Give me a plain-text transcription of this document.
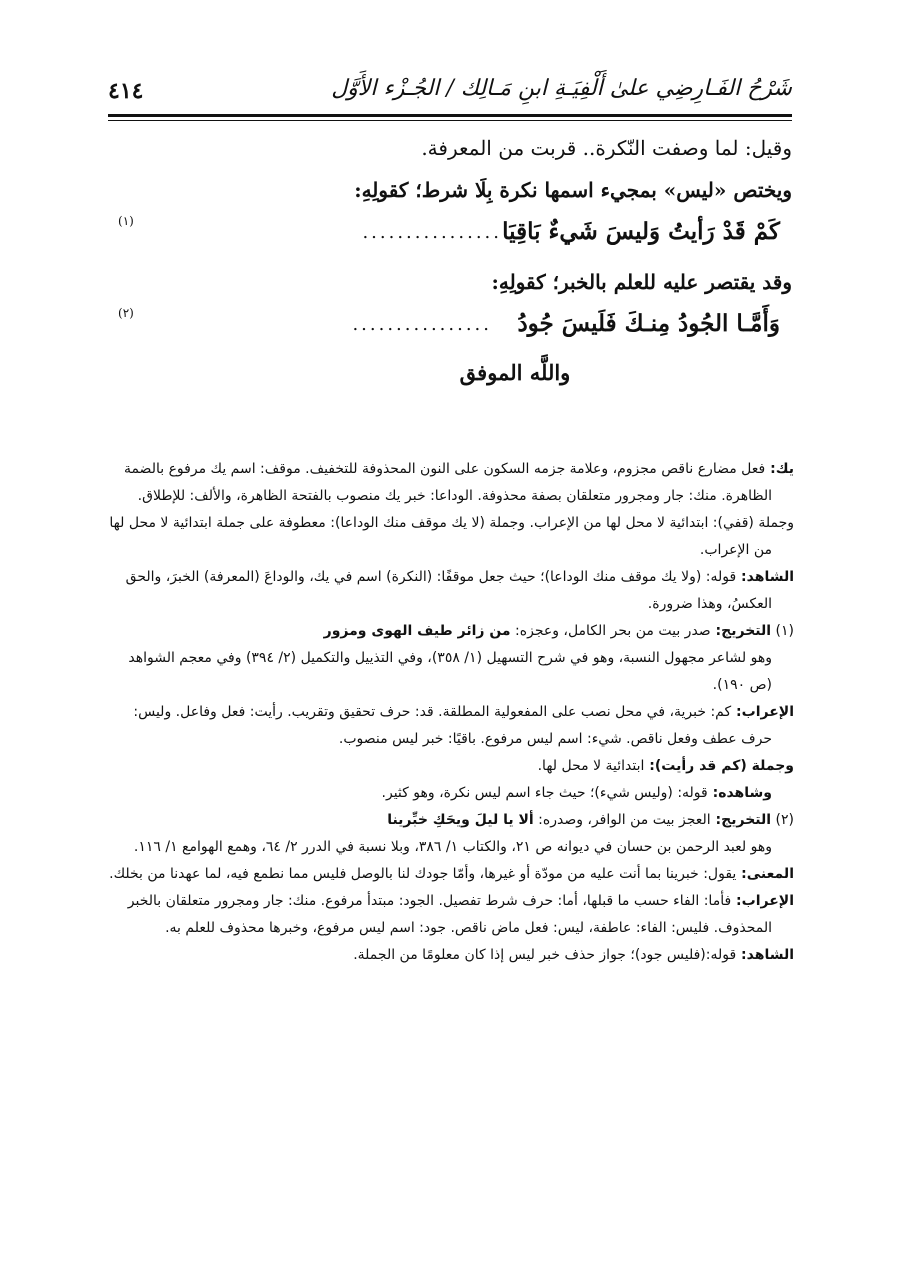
شَرْحُ الفَـارِضِي علىٰ أَلْفِيَـةِ ابنِ مَـالِك / الجُـزْء الأَوَّل
٤١٤

وقيل: لما وصفت النّكرة.. قربت من المعرفة.

ويختص «ليس» بمجيء اسمها نكرة بِلَا شرط؛ كقولِهِ:

كَمْ قَدْ رَأيتُ وَليسَ شَيءٌ بَاقِيَا
................
(١)

وقد يقتصر عليه للعلم بالخبر؛ كقولِهِ:

وَأَمَّـا الجُودُ مِنـكَ فَلَيسَ جُودُ
................
(٢)

واللَّه الموفق

يك: فعل مضارع ناقص مجزوم، وعلامة جزمه السكون على النون المحذوفة للتخفيف. موقف: اسم يك مرفوع بالضمة الظاهرة. منك: جار ومجرور متعلقان بصفة محذوفة. الوداعا: خبر يك منصوب بالفتحة الظاهرة، والألف: للإطلاق.

وجملة (قفي): ابتدائية لا محل لها من الإعراب. وجملة (لا يك موقف منك الوداعا): معطوفة على جملة ابتدائية لا محل لها من الإعراب.

الشاهد: قوله: (ولا يك موقف منك الوداعا)؛ حيث جعل موقفًا: (النكرة) اسم في يك، والوداعَ (المعرفة) الخبرَ، والحق العكسُ، وهذا ضرورة.

(١) التخريج: صدر بيت من بحر الكامل، وعجزه: من زائر طيف الهوى ومزور

وهو لشاعر مجهول النسبة، وهو في شرح التسهيل (١/ ٣٥٨)، وفي التذييل والتكميل (٢/ ٣٩٤) وفي معجم الشواهد (ص ١٩٠).

الإعراب: كم: خبرية، في محل نصب على المفعولية المطلقة. قد: حرف تحقيق وتقريب. رأيت: فعل وفاعل. وليس: حرف عطف وفعل ناقص. شيء: اسم ليس مرفوع. باقيًا: خبر ليس منصوب.

وجملة (كم قد رأيت): ابتدائية لا محل لها.

وشاهده: قوله: (وليس شيء)؛ حيث جاء اسم ليس نكرة، وهو كثير.

(٢) التخريج: العجز بيت من الوافر، وصدره: ألا يا ليلَ ويحَكِ خبِّرينا

وهو لعبد الرحمن بن حسان في ديوانه ص ٢١، والكتاب ١/ ٣٨٦، وبلا نسبة في الدرر ٢/ ٦٤، وهمع الهوامع ١/ ١١٦.

المعنى: يقول: خبرينا بما أنت عليه من مودّة أو غيرها، وأمّا جودك لنا بالوصل فليس مما نطمع فيه، لما عهدنا من بخلك.

الإعراب: فأما: الفاء حسب ما قبلها، أما: حرف شرط تفصيل. الجود: مبتدأ مرفوع. منك: جار ومجرور متعلقان بالخبر المحذوف. فليس: الفاء: عاطفة، ليس: فعل ماض ناقص. جود: اسم ليس مرفوع، وخبرها محذوف للعلم به.

الشاهد: قوله:(فليس جود)؛ جواز حذف خبر ليس إذا كان معلومًا من الجملة.
